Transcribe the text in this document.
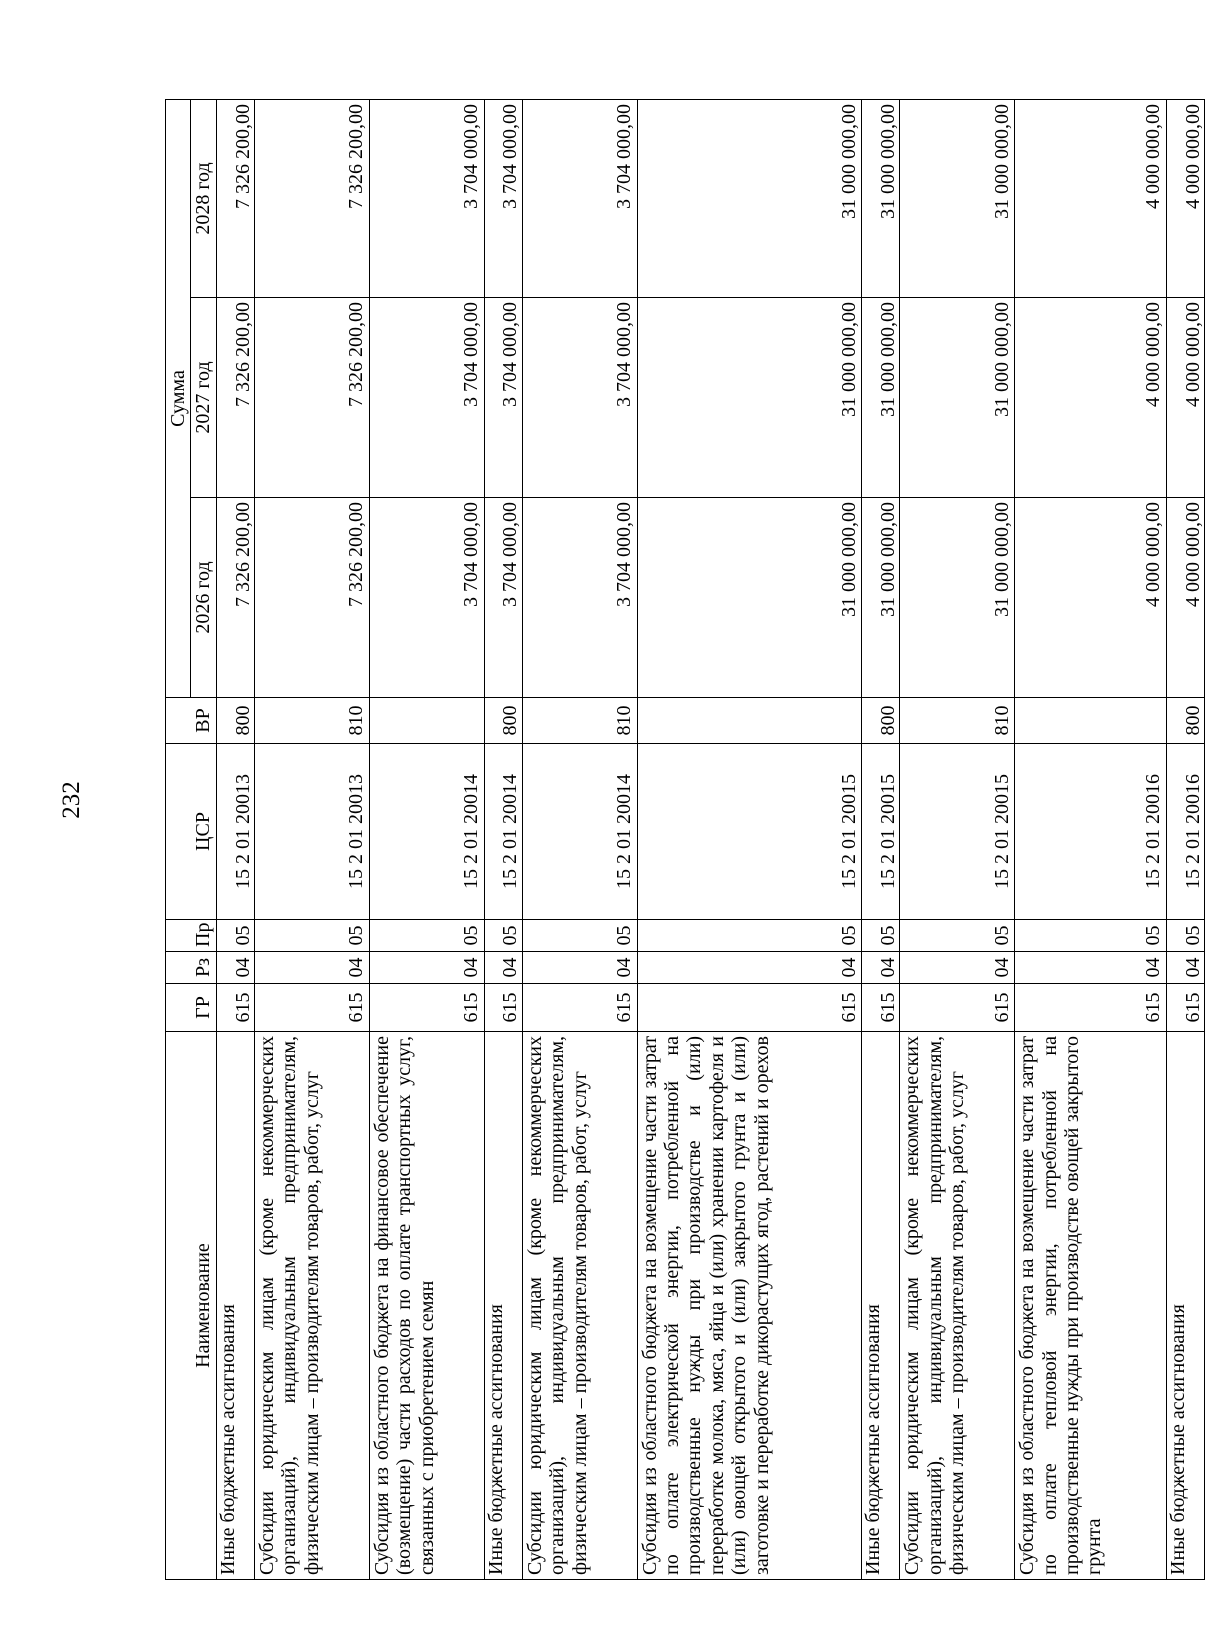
232
Наименование	ГР	Рз	Пр	ЦСР	ВР	Сумма		
						2026 год	2027 год	2028 год
Иные бюджетные ассигнования	615	04	05	15 2 01 20013	800	7 326 200,00	7 326 200,00	7 326 200,00
Субсидии юридическим лицам (кроме некоммерческих организаций), индивидуальным предпринимателям, физическим лицам – производителям товаров, работ, услуг	615	04	05	15 2 01 20013	810	7 326 200,00	7 326 200,00	7 326 200,00
Субсидия из областного бюджета на финансовое обеспечение (возмещение) части расходов по оплате транспортных услуг, связанных с приобретением семян	615	04	05	15 2 01 20014		3 704 000,00	3 704 000,00	3 704 000,00
Иные бюджетные ассигнования	615	04	05	15 2 01 20014	800	3 704 000,00	3 704 000,00	3 704 000,00
Субсидии юридическим лицам (кроме некоммерческих организаций), индивидуальным предпринимателям, физическим лицам – производителям товаров, работ, услуг	615	04	05	15 2 01 20014	810	3 704 000,00	3 704 000,00	3 704 000,00
Субсидия из областного бюджета на возмещение части затрат по оплате электрической энергии, потребленной на производственные нужды при производстве и (или) переработке молока, мяса, яйца и (или) хранении картофеля и (или) овощей открытого и (или) закрытого грунта и (или) заготовке и переработке дикорастущих ягод, растений и орехов	615	04	05	15 2 01 20015		31 000 000,00	31 000 000,00	31 000 000,00
Иные бюджетные ассигнования	615	04	05	15 2 01 20015	800	31 000 000,00	31 000 000,00	31 000 000,00
Субсидии юридическим лицам (кроме некоммерческих организаций), индивидуальным предпринимателям, физическим лицам – производителям товаров, работ, услуг	615	04	05	15 2 01 20015	810	31 000 000,00	31 000 000,00	31 000 000,00
Субсидия из областного бюджета на возмещение части затрат по оплате тепловой энергии, потребленной на производственные нужды при производстве овощей закрытого грунта	615	04	05	15 2 01 20016		4 000 000,00	4 000 000,00	4 000 000,00
Иные бюджетные ассигнования	615	04	05	15 2 01 20016	800	4 000 000,00	4 000 000,00	4 000 000,00
